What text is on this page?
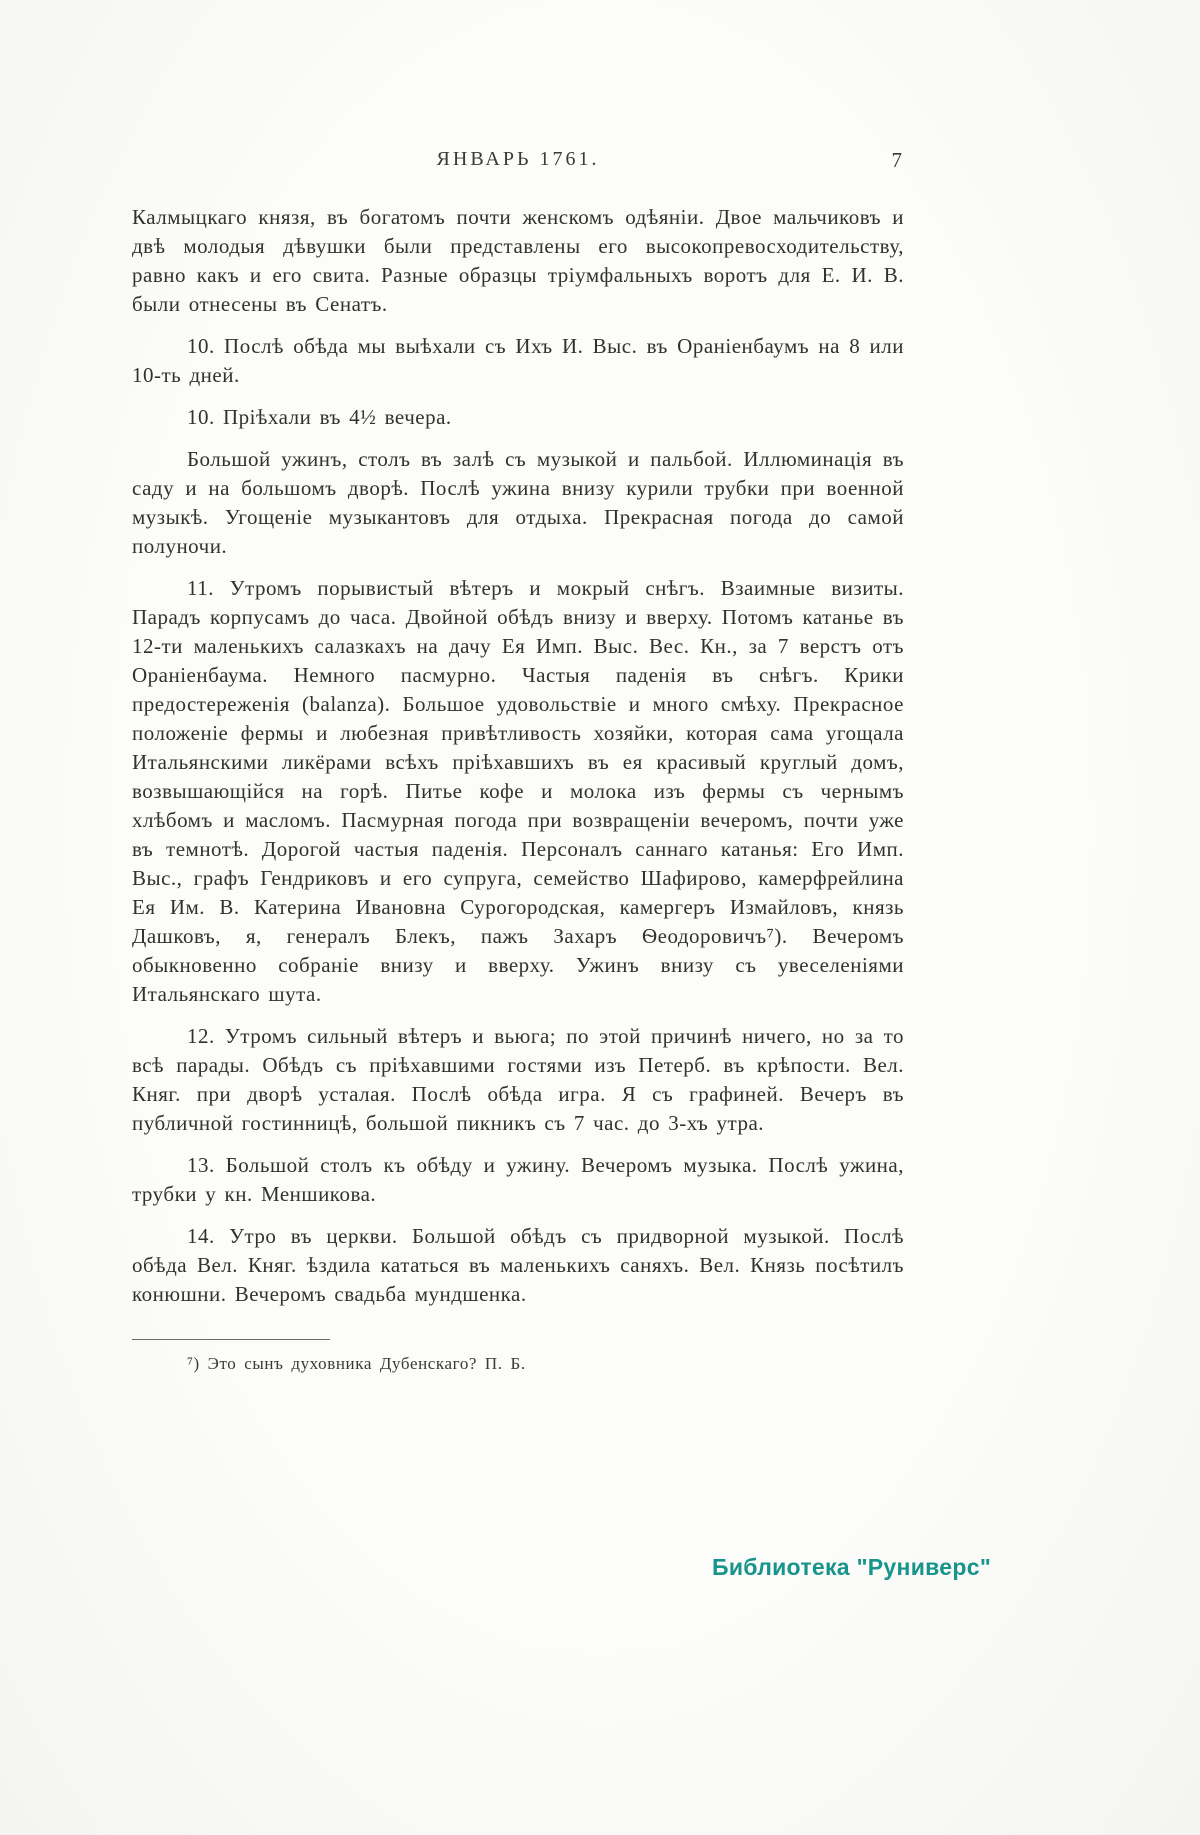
ЯНВАРЬ 1761.	7

Калмыцкаго князя, въ богатомъ почти женскомъ одѣяніи. Двое мальчиковъ и двѣ молодыя дѣвушки были представлены его высокопревосходительству, равно какъ и его свита. Разные образцы тріумфальныхъ воротъ для Е. И. В. были отнесены въ Сенатъ.

10. Послѣ обѣда мы выѣхали съ Ихъ И. Выс. въ Ораніенбаумъ на 8 или 10-ть дней.

10. Пріѣхали въ 4½ вечера.

Большой ужинъ, столъ въ залѣ съ музыкой и пальбой. Иллюминація въ саду и на большомъ дворѣ. Послѣ ужина внизу курили трубки при военной музыкѣ. Угощеніе музыкантовъ для отдыха. Прекрасная погода до самой полуночи.

11. Утромъ порывистый вѣтеръ и мокрый снѣгъ. Взаимные визиты. Парадъ корпусамъ до часа. Двойной обѣдъ внизу и вверху. Потомъ катанье въ 12-ти маленькихъ салазкахъ на дачу Ея Имп. Выс. Вес. Кн., за 7 верстъ отъ Ораніенбаума. Немного пасмурно. Частыя паденія въ снѣгъ. Крики предостереженія (balanza). Большое удовольствіе и много смѣху. Прекрасное положеніе фермы и любезная привѣтливость хозяйки, которая сама угощала Итальянскими ликёрами всѣхъ пріѣхавшихъ въ ея красивый круглый домъ, возвышающійся на горѣ. Питье кофе и молока изъ фермы съ чернымъ хлѣбомъ и масломъ. Пасмурная погода при возвращеніи вечеромъ, почти уже въ темнотѣ. Дорогой частыя паденія. Персоналъ саннаго катанья: Его Имп. Выс., графъ Гендриковъ и его супруга, семейство Шафирово, камерфрейлина Ея Им. В. Катерина Ивановна Сурогородская, камергеръ Измайловъ, князь Дашковъ, я, генералъ Блекъ, пажъ Захаръ Ѳеодоровичъ⁷). Вечеромъ обыкновенно собраніе внизу и вверху. Ужинъ внизу съ увеселеніями Итальянскаго шута.

12. Утромъ сильный вѣтеръ и вьюга; по этой причинѣ ничего, но за то всѣ парады. Обѣдъ съ пріѣхавшими гостями изъ Петерб. въ крѣпости. Вел. Княг. при дворѣ усталая. Послѣ обѣда игра. Я съ графиней. Вечеръ въ публичной гостинницѣ, большой пикникъ съ 7 час. до 3-хъ утра.

13. Большой столъ къ обѣду и ужину. Вечеромъ музыка. Послѣ ужина, трубки у кн. Меншикова.

14. Утро въ церкви. Большой обѣдъ съ придворной музыкой. Послѣ обѣда Вел. Княг. ѣздила кататься въ маленькихъ саняхъ. Вел. Князь посѣтилъ конюшни. Вечеромъ свадьба мундшенка.

⁷) Это сынъ духовника Дубенскаго? П. Б.
Библиотека "Руниверс"
